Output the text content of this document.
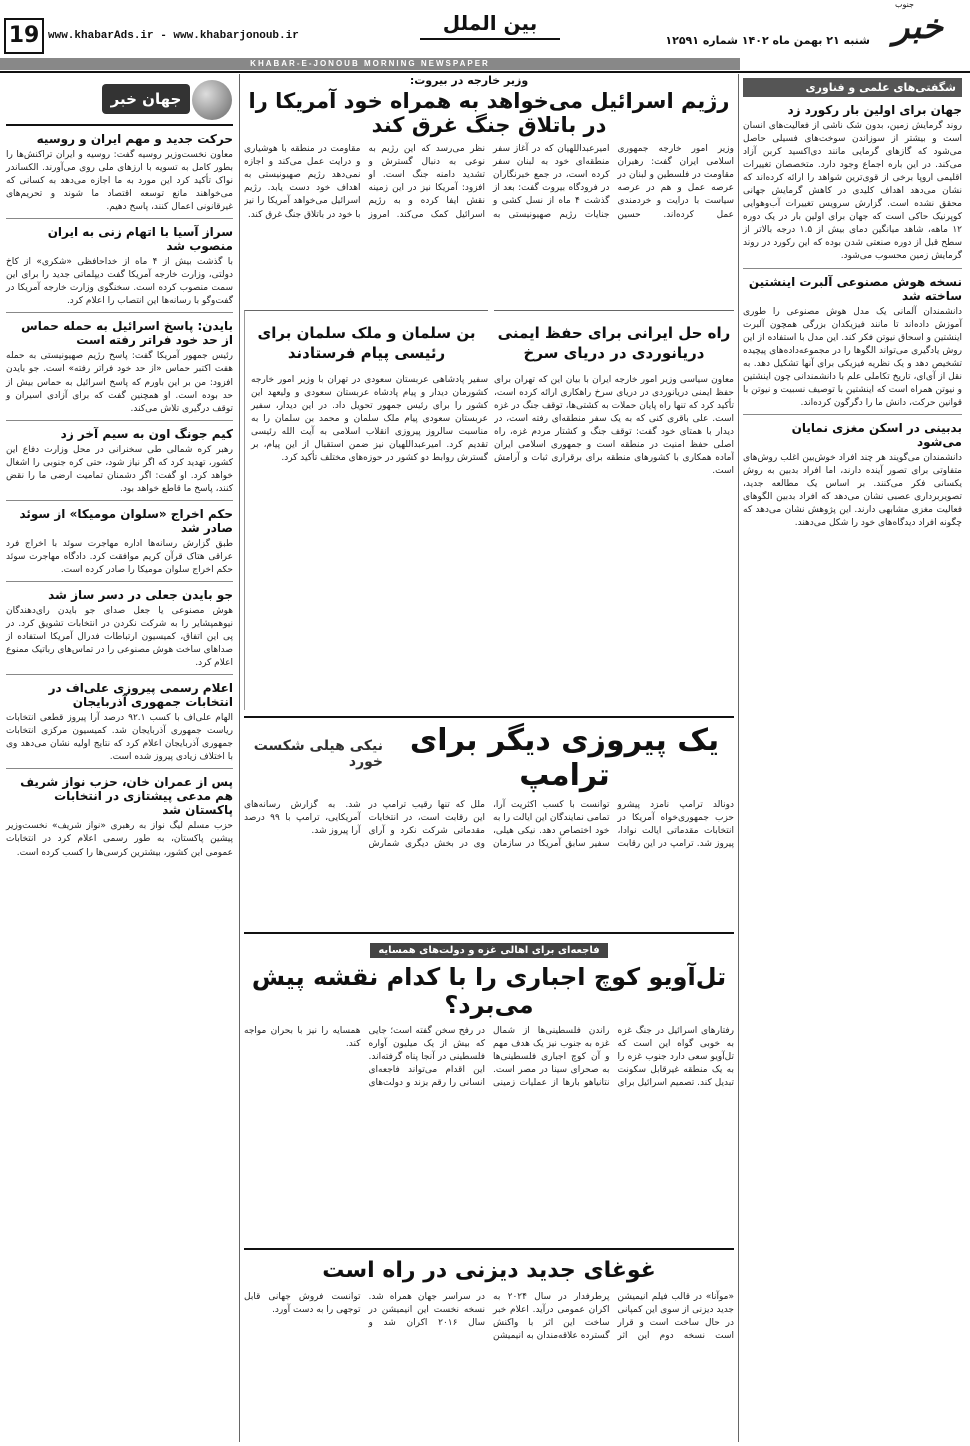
19 www.khabarAds.ir - www.khabarjonoub.ir
بین الملل
شنبه ۲۱ بهمن ماه ۱۴۰۲ شماره ۱۲۵۹۱ خبر
جنوب
KHABAR-E-JONOUB MORNING NEWSPAPER
شگفتی‌های علمی و فناوری
جهان برای اولین بار رکورد زد
روند گرمایش زمین، بدون شک ناشی از فعالیت‌های انسان است و بیشتر از سوزاندن سوخت‌های فسیلی حاصل می‌شود که گازهای گرمایی مانند دی‌اکسید کربن آزاد می‌کند. در این باره اجماع وجود دارد. متخصصان تغییرات اقلیمی اروپا برخی از قوی‌ترین شواهد را ارائه کرده‌اند که نشان می‌دهد اهداف کلیدی در کاهش گرمایش جهانی محقق نشده است. گزارش سرویس تغییرات آب‌وهوایی کوپرنیک حاکی است که جهان برای اولین بار در یک دوره ۱۲ ماهه، شاهد میانگین دمای بیش از ۱.۵ درجه بالاتر از سطح قبل از دوره صنعتی شدن بوده که این رکورد در روند گرمایش زمین محسوب می‌شود.
نسخه هوش مصنوعی آلبرت اینشتین ساخته شد
دانشمندان آلمانی یک مدل هوش مصنوعی را طوری آموزش داده‌اند تا مانند فیزیکدان بزرگی همچون آلبرت اینشتین و اسحاق نیوتن فکر کند. این مدل با استفاده از این روش یادگیری می‌تواند الگوها را در مجموعه‌داده‌های پیچیده تشخیص دهد و یک نظریه فیزیکی برای آنها تشکیل دهد. به نقل از آی‌ای، تاریخ تکاملی علم با دانشمندانی چون اینشتین و نیوتن همراه است که اینشتین با توصیف نسبیت و نیوتن با قوانین حرکت، دانش ما را دگرگون کرده‌اند.
بدبینی در اسکن مغزی نمایان می‌شود
دانشمندان می‌گویند هر چند افراد خوش‌بین اغلب روش‌های متفاوتی برای تصور آینده دارند، اما افراد بدبین به روش یکسانی فکر می‌کنند. بر اساس یک مطالعه جدید، تصویربرداری عصبی نشان می‌دهد که افراد بدبین الگوهای فعالیت مغزی مشابهی دارند. این پژوهش نشان می‌دهد که چگونه افراد دیدگاه‌های خود را شکل می‌دهند.
جهان خبر
حرکت جدید و مهم ایران و روسیه
معاون نخست‌وزیر روسیه گفت: روسیه و ایران تراکنش‌ها را بطور کامل به تسویه با ارزهای ملی روی می‌آورند. الکساندر نواک تأکید کرد این مورد به ما اجازه می‌دهد به کسانی که می‌خواهند مانع توسعه اقتصاد ما شوند و تحریم‌های غیرقانونی اعمال کنند، پاسخ دهیم.
سراز آسیا با اتهام زنی به ایران منصوب شد
با گذشت بیش از ۴ ماه از خداحافظی «شکری» از کاخ دولتی، وزارت خارجه آمریکا گفت دیپلماتی جدید را برای این سمت منصوب کرده است. سخنگوی وزارت خارجه آمریکا در گفت‌وگو با رسانه‌ها این انتصاب را اعلام کرد.
بایدن: پاسخ اسرائیل به حمله حماس از حد خود فراتر رفته است
رئیس جمهور آمریکا گفت: پاسخ رژیم صهیونیستی به حمله هفت اکتبر حماس «از حد خود فراتر رفته» است. جو بایدن افزود: من بر این باورم که پاسخ اسرائیل به حماس بیش از حد بوده است. او همچنین گفت که برای آزادی اسیران و توقف درگیری تلاش می‌کند.
کیم جونگ اون به سیم آخر زد
رهبر کره شمالی طی سخنرانی در محل وزارت دفاع این کشور، تهدید کرد که اگر نیاز شود، حتی کره جنوبی را اشغال خواهد کرد. او گفت: اگر دشمنان تمامیت ارضی ما را نقض کنند، پاسخ ما قاطع خواهد بود.
حکم اخراج «سلوان مومیکا» از سوئد صادر شد
طبق گزارش رسانه‌ها اداره مهاجرت سوئد با اخراج فرد عراقی هتاک قرآن کریم موافقت کرد. دادگاه مهاجرت سوئد حکم اخراج سلوان مومیکا را صادر کرده است.
جو بایدن جعلی در دسر ساز شد
هوش مصنوعی یا جعل صدای جو بایدن رای‌دهندگان نیوهمپشایر را به شرکت نکردن در انتخابات تشویق کرد. در پی این اتفاق، کمیسیون ارتباطات فدرال آمریکا استفاده از صداهای ساخت هوش مصنوعی را در تماس‌های رباتیک ممنوع اعلام کرد.
اعلام رسمی پیروزی علی‌اف در انتخابات جمهوری آذربایجان
الهام علی‌اف با کسب ۹۲.۱ درصد آرا پیروز قطعی انتخابات ریاست جمهوری آذربایجان شد. کمیسیون مرکزی انتخابات جمهوری آذربایجان اعلام کرد که نتایج اولیه نشان می‌دهد وی با اختلاف زیادی پیروز شده است.
پس از عمران خان، حزب نواز شریف هم مدعی پیشتازی در انتخابات پاکستان شد
حزب مسلم لیگ نواز به رهبری «نواز شریف» نخست‌وزیر پیشین پاکستان، به طور رسمی اعلام کرد در انتخابات عمومی این کشور، بیشترین کرسی‌ها را کسب کرده است.
وزیر خارجه در بیروت:
رژیم اسرائیل می‌خواهد به همراه خود آمریکا را در باتلاق جنگ غرق کند
وزیر امور خارجه جمهوری اسلامی ایران گفت: رهبران مقاومت در فلسطین و لبنان در عرصه عمل و هم در عرصه سیاست با درایت و خردمندی عمل کرده‌اند. حسین امیرعبداللهیان که در آغاز سفر منطقه‌ای خود به لبنان سفر کرده است، در جمع خبرنگاران در فرودگاه بیروت گفت: بعد از گذشت ۴ ماه از نسل کشی و جنایات رژیم صهیونیستی به نظر می‌رسد که این رژیم به نوعی به دنبال گسترش و تشدید دامنه جنگ است. او افزود: آمریکا نیز در این زمینه نقش ایفا کرده و به رژیم اسرائیل کمک می‌کند. امروز مقاومت در منطقه با هوشیاری و درایت عمل می‌کند و اجازه نمی‌دهد رژیم صهیونیستی به اهداف خود دست یابد. رژیم اسرائیل می‌خواهد آمریکا را نیز با خود در باتلاق جنگ غرق کند.
راه حل ایرانی برای حفظ ایمنی دریانوردی در دریای سرخ
معاون سیاسی وزیر امور خارجه ایران با بیان این که تهران برای حفظ ایمنی دریانوردی در دریای سرخ راهکاری ارائه کرده است، تأکید کرد که تنها راه پایان حملات به کشتی‌ها، توقف جنگ در غزه است. علی باقری کنی که به یک سفر منطقه‌ای رفته است، در دیدار با همتای خود گفت: توقف جنگ و کشتار مردم غزه، راه اصلی حفظ امنیت در منطقه است و جمهوری اسلامی ایران آماده همکاری با کشورهای منطقه برای برقراری ثبات و آرامش است.
بن سلمان و ملک سلمان برای رئیسی پیام فرستادند
سفیر پادشاهی عربستان سعودی در تهران با وزیر امور خارجه کشورمان دیدار و پیام پادشاه عربستان سعودی و ولیعهد این کشور را برای رئیس جمهور تحویل داد. در این دیدار، سفیر عربستان سعودی پیام ملک سلمان و محمد بن سلمان را به مناسبت سالروز پیروزی انقلاب اسلامی به آیت الله رئیسی تقدیم کرد. امیرعبداللهیان نیز ضمن استقبال از این پیام، بر گسترش روابط دو کشور در حوزه‌های مختلف تأکید کرد.
یک پیروزی دیگر برای ترامپ
نیکی هیلی شکست خورد
دونالد ترامپ نامزد پیشرو حزب جمهوری‌خواه آمریکا در انتخابات مقدماتی ایالت نوادا، پیروز شد. ترامپ در این رقابت توانست با کسب اکثریت آرا، تمامی نمایندگان این ایالت را به خود اختصاص دهد. نیکی هیلی، سفیر سابق آمریکا در سازمان ملل که تنها رقیب ترامپ در این رقابت است، در انتخابات مقدماتی شرکت نکرد و آرای وی در بخش دیگری شمارش شد. به گزارش رسانه‌های آمریکایی، ترامپ با ۹۹ درصد آرا پیروز شد.
فاجعه‌ای برای اهالی غزه و دولت‌های همسایه
تل‌آویو کوچ اجباری را با کدام نقشه پیش می‌برد؟
رفتارهای اسرائیل در جنگ غزه به خوبی گواه این است که تل‌آویو سعی دارد جنوب غزه را به یک منطقه غیرقابل سکونت تبدیل کند. تصمیم اسرائیل برای راندن فلسطینی‌ها از شمال غزه به جنوب نیز یک هدف مهم و آن کوچ اجباری فلسطینی‌ها به صحرای سینا در مصر است. نتانیاهو بارها از عملیات زمینی در رفح سخن گفته است؛ جایی که بیش از یک میلیون آواره فلسطینی در آنجا پناه گرفته‌اند. این اقدام می‌تواند فاجعه‌ای انسانی را رقم بزند و دولت‌های همسایه را نیز با بحران مواجه کند.
غوغای جدید دیزنی در راه است
«موآنا» در قالب فیلم انیمیشن جدید دیزنی از سوی این کمپانی در حال ساخت است و قرار است نسخه دوم این اثر پرطرفدار در سال ۲۰۲۴ به اکران عمومی درآید. اعلام خبر ساخت این اثر با واکنش گسترده علاقه‌مندان به انیمیشن در سراسر جهان همراه شد. نسخه نخست این انیمیشن در سال ۲۰۱۶ اکران شد و توانست فروش جهانی قابل توجهی را به دست آورد.
